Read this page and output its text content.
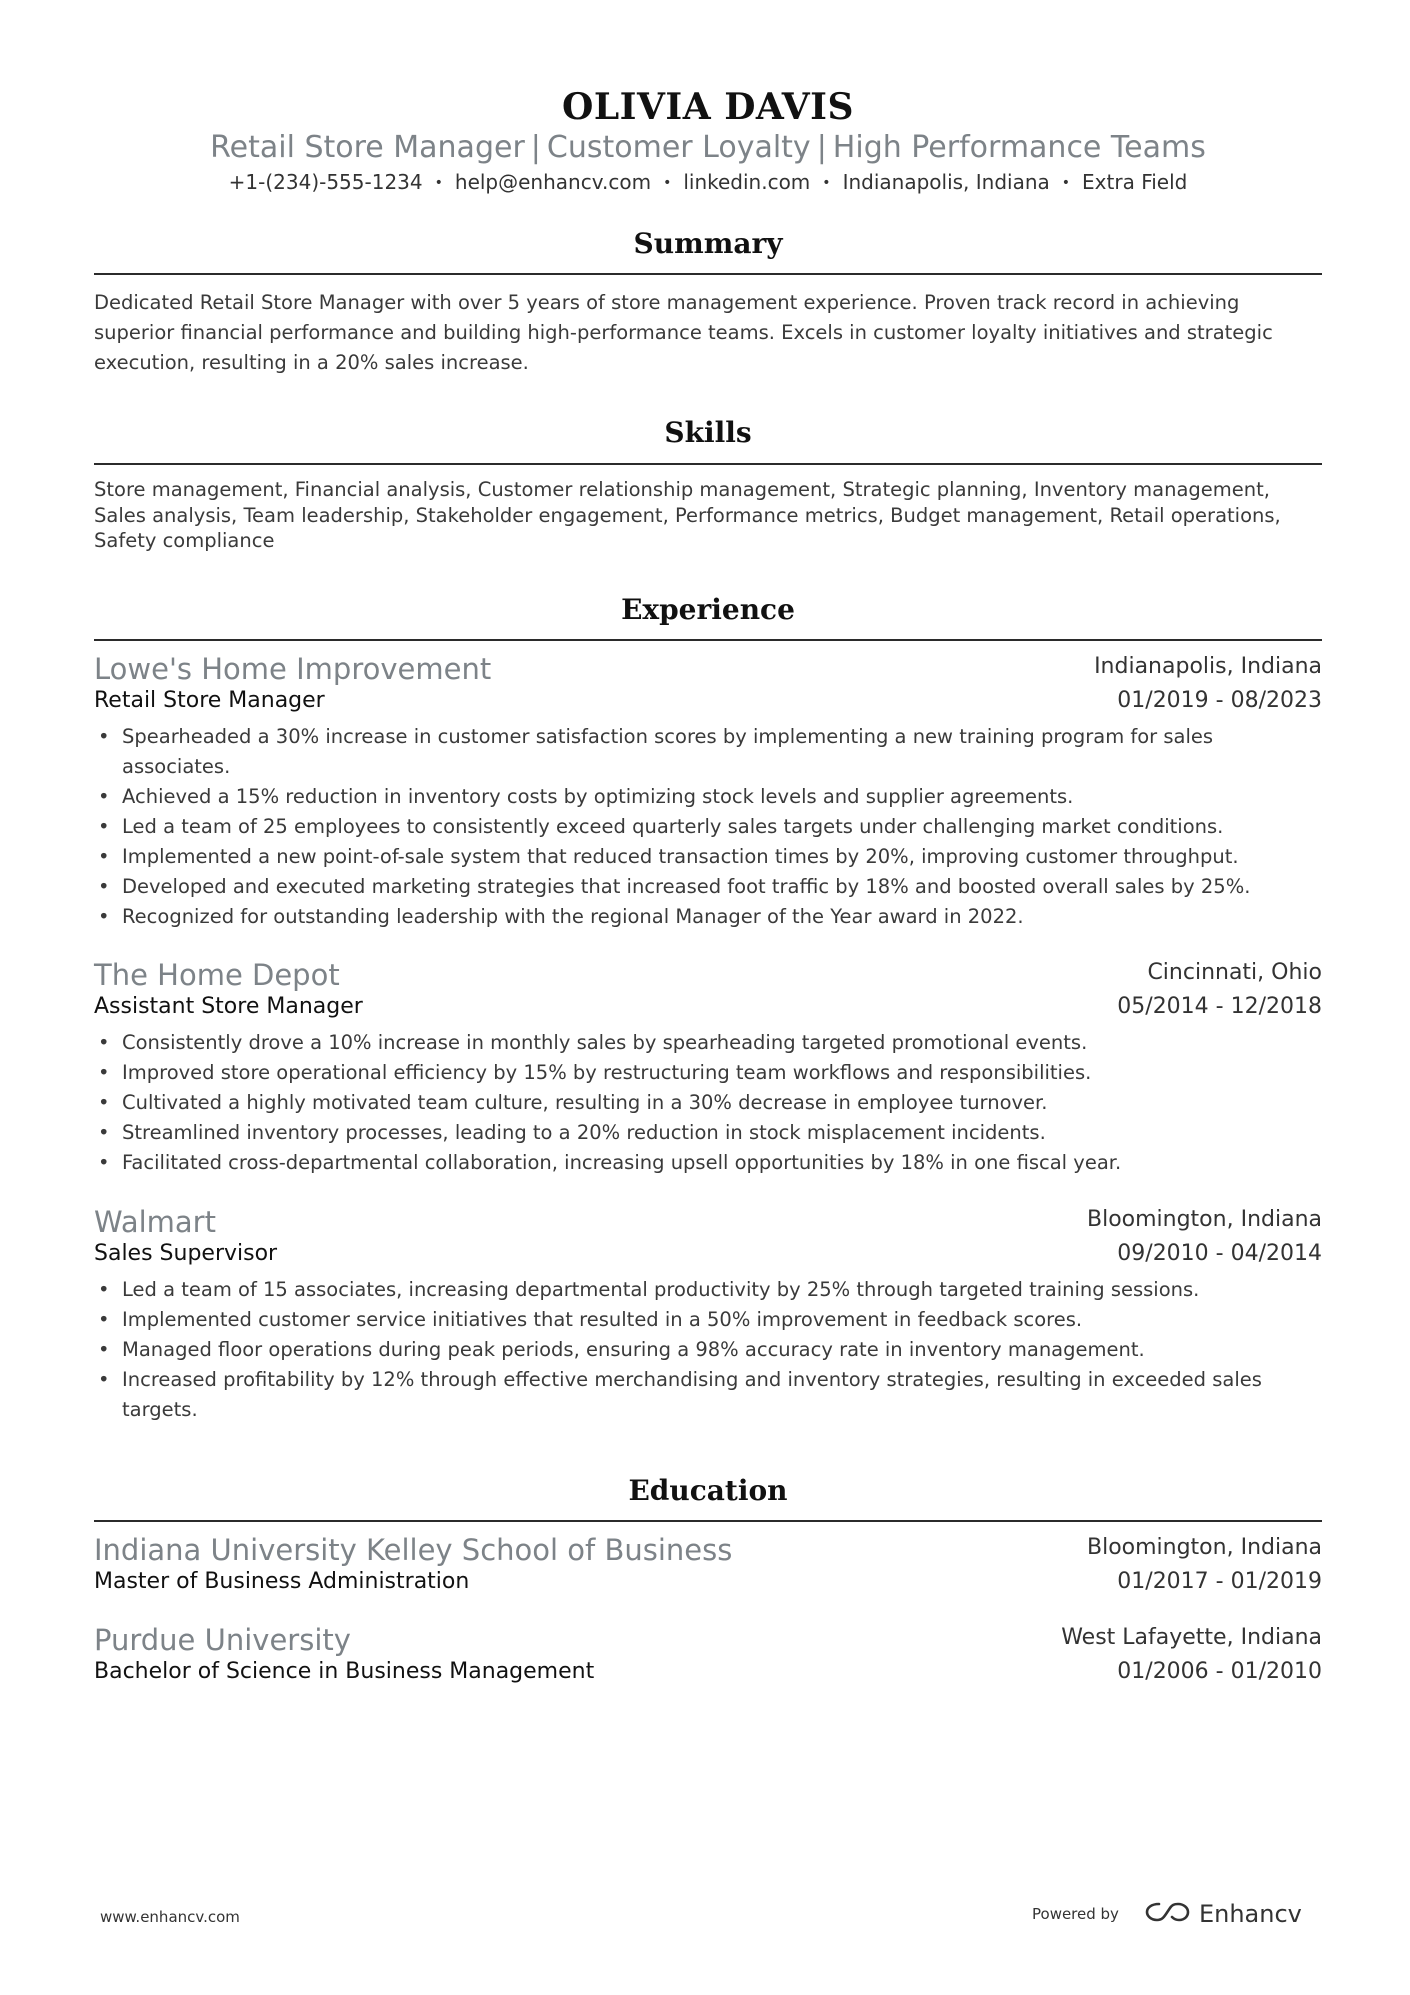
OLIVIA DAVIS
Retail Store Manager | Customer Loyalty | High Performance Teams
+1-(234)-555-1234 • help@enhancv.com • linkedin.com • Indianapolis, Indiana • Extra Field
Summary
Dedicated Retail Store Manager with over 5 years of store management experience. Proven track record in achieving superior financial performance and building high-performance teams. Excels in customer loyalty initiatives and strategic execution, resulting in a 20% sales increase.
Skills
Store management, Financial analysis, Customer relationship management, Strategic planning, Inventory management, Sales analysis, Team leadership, Stakeholder engagement, Performance metrics, Budget management, Retail operations, Safety compliance
Experience
Lowe's Home Improvement	Indianapolis, Indiana
Retail Store Manager	01/2019 - 08/2023
• Spearheaded a 30% increase in customer satisfaction scores by implementing a new training program for sales associates.
• Achieved a 15% reduction in inventory costs by optimizing stock levels and supplier agreements.
• Led a team of 25 employees to consistently exceed quarterly sales targets under challenging market conditions.
• Implemented a new point-of-sale system that reduced transaction times by 20%, improving customer throughput.
• Developed and executed marketing strategies that increased foot traffic by 18% and boosted overall sales by 25%.
• Recognized for outstanding leadership with the regional Manager of the Year award in 2022.
The Home Depot	Cincinnati, Ohio
Assistant Store Manager	05/2014 - 12/2018
• Consistently drove a 10% increase in monthly sales by spearheading targeted promotional events.
• Improved store operational efficiency by 15% by restructuring team workflows and responsibilities.
• Cultivated a highly motivated team culture, resulting in a 30% decrease in employee turnover.
• Streamlined inventory processes, leading to a 20% reduction in stock misplacement incidents.
• Facilitated cross-departmental collaboration, increasing upsell opportunities by 18% in one fiscal year.
Walmart	Bloomington, Indiana
Sales Supervisor	09/2010 - 04/2014
• Led a team of 15 associates, increasing departmental productivity by 25% through targeted training sessions.
• Implemented customer service initiatives that resulted in a 50% improvement in feedback scores.
• Managed floor operations during peak periods, ensuring a 98% accuracy rate in inventory management.
• Increased profitability by 12% through effective merchandising and inventory strategies, resulting in exceeded sales targets.
Education
Indiana University Kelley School of Business	Bloomington, Indiana
Master of Business Administration	01/2017 - 01/2019
Purdue University	West Lafayette, Indiana
Bachelor of Science in Business Management	01/2006 - 01/2010
www.enhancv.com	Powered by	Enhancv
